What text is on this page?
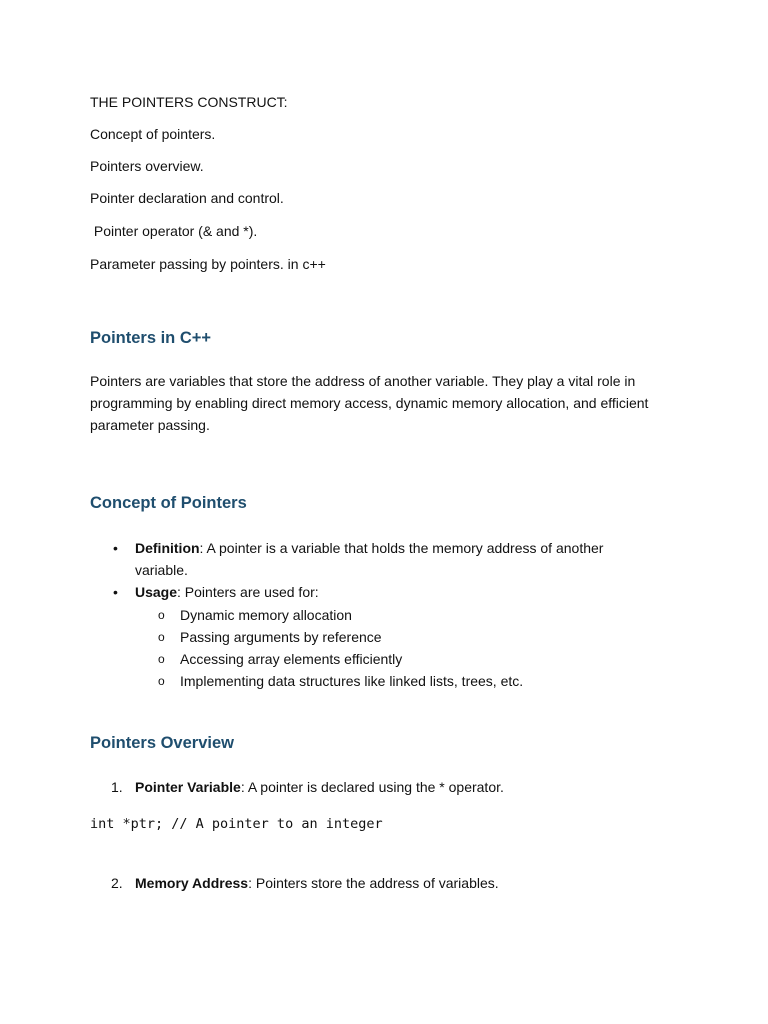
THE POINTERS CONSTRUCT:

Concept of pointers.

Pointers overview.

Pointer declaration and control.

Pointer operator (& and *).

Parameter passing by pointers. in c++

Pointers in C++

Pointers are variables that store the address of another variable. They play a vital role in programming by enabling direct memory access, dynamic memory allocation, and efficient parameter passing.

Concept of Pointers
• Definition: A pointer is a variable that holds the memory address of another variable.
• Usage: Pointers are used for:
o Dynamic memory allocation
o Passing arguments by reference
o Accessing array elements efficiently
o Implementing data structures like linked lists, trees, etc.
Pointers Overview
1. Pointer Variable: A pointer is declared using the * operator.
int *ptr; // A pointer to an integer
2. Memory Address: Pointers store the address of variables.
